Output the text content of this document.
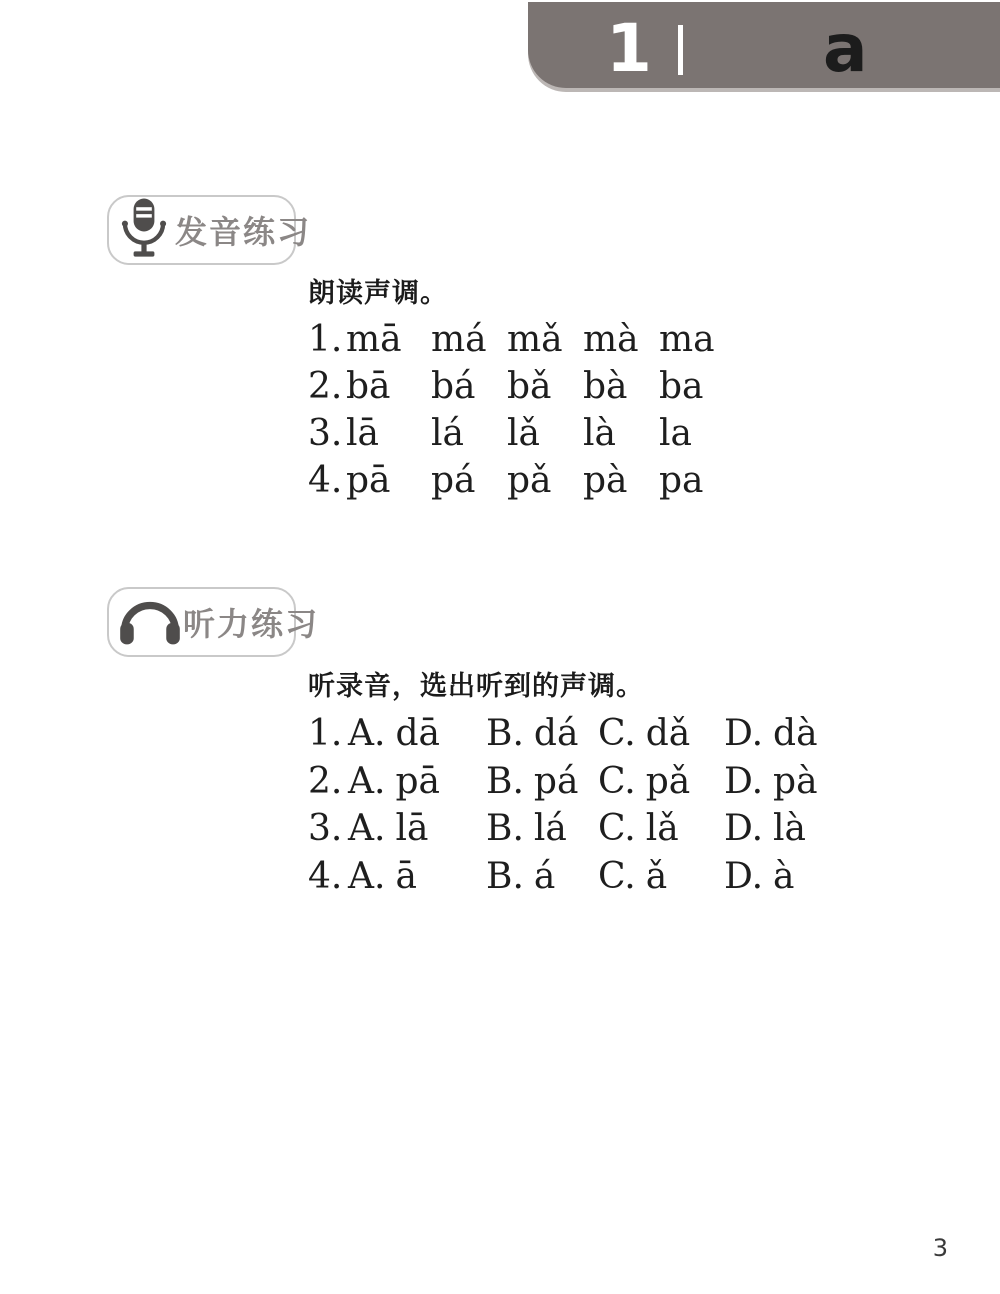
1	a
发音练习
朗读声调。
1. mā má mǎ mà ma
2. bā	bá bǎ bà ba
3. lā	lá	lǎ	là	la
4. pā	pá pǎ pà pa
听力练习
听录音，选出听到的声调。
1. A. dā	B. dá C. dǎ D. dà
2. A. pā	B. pá C. pǎ D. pà
3. A. lā	B. lá C. lǎ	D. là
4. A. ā	B. á	C. ǎ	D. à
3
